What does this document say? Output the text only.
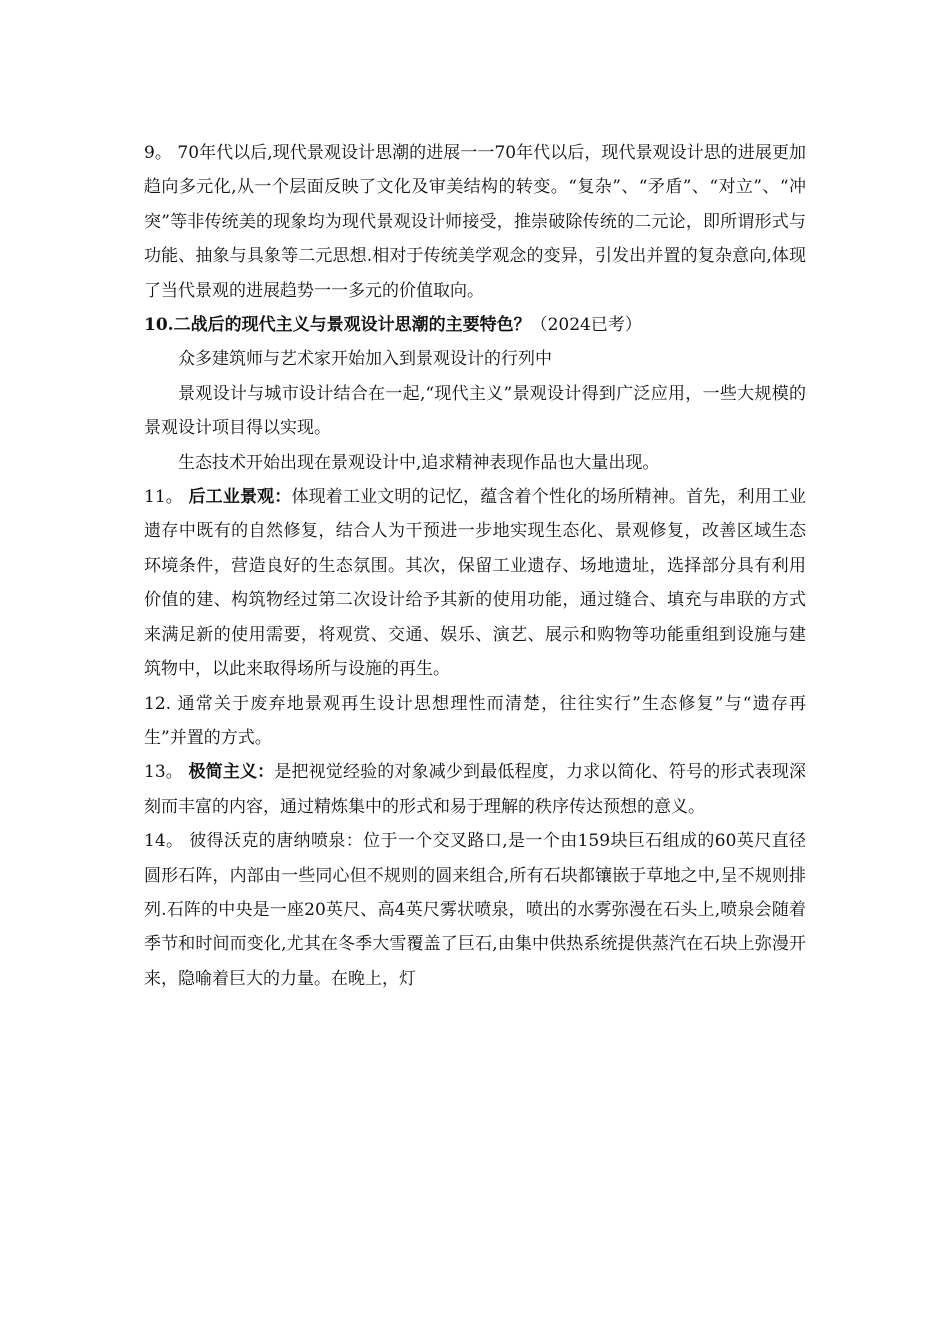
9。 70年代以后,现代景观设计思潮的进展一一70年代以后，现代景观设计思的进展更加趋向多元化,从一个层面反映了文化及审美结构的转变。“复杂”、“矛盾”、“对立”、“冲突”等非传统美的现象均为现代景观设计师接受，推崇破除传统的二元论，即所谓形式与功能、抽象与具象等二元思想.相对于传统美学观念的变异，引发出并置的复杂意向,体现了当代景观的进展趋势一一多元的价值取向。

10.二战后的现代主义与景观设计思潮的主要特色？（2024已考）

众多建筑师与艺术家开始加入到景观设计的行列中

景观设计与城市设计结合在一起,“现代主义”景观设计得到广泛应用，一些大规模的景观设计项目得以实现。

生态技术开始出现在景观设计中,追求精神表现作品也大量出现。

11。 后工业景观：体现着工业文明的记忆，蕴含着个性化的场所精神。首先，利用工业遗存中既有的自然修复，结合人为干预进一步地实现生态化、景观修复，改善区域生态环境条件，营造良好的生态氛围。其次，保留工业遗存、场地遗址，选择部分具有利用价值的建、构筑物经过第二次设计给予其新的使用功能，通过缝合、填充与串联的方式来满足新的使用需要，将观赏、交通、娱乐、演艺、展示和购物等功能重组到设施与建筑物中，以此来取得场所与设施的再生。

12. 通常关于废弃地景观再生设计思想理性而清楚，往往实行”生态修复”与“遗存再生”并置的方式。

13。 极简主义：是把视觉经验的对象减少到最低程度，力求以简化、符号的形式表现深刻而丰富的内容，通过精炼集中的形式和易于理解的秩序传达预想的意义。

14。 彼得沃克的唐纳喷泉：位于一个交叉路口,是一个由159块巨石组成的60英尺直径圆形石阵，内部由一些同心但不规则的圆来组合,所有石块都镶嵌于草地之中,呈不规则排列.石阵的中央是一座20英尺、高4英尺雾状喷泉，喷出的水雾弥漫在石头上,喷泉会随着季节和时间而变化,尤其在冬季大雪覆盖了巨石,由集中供热系统提供蒸汽在石块上弥漫开来，隐喻着巨大的力量。在晚上，灯
